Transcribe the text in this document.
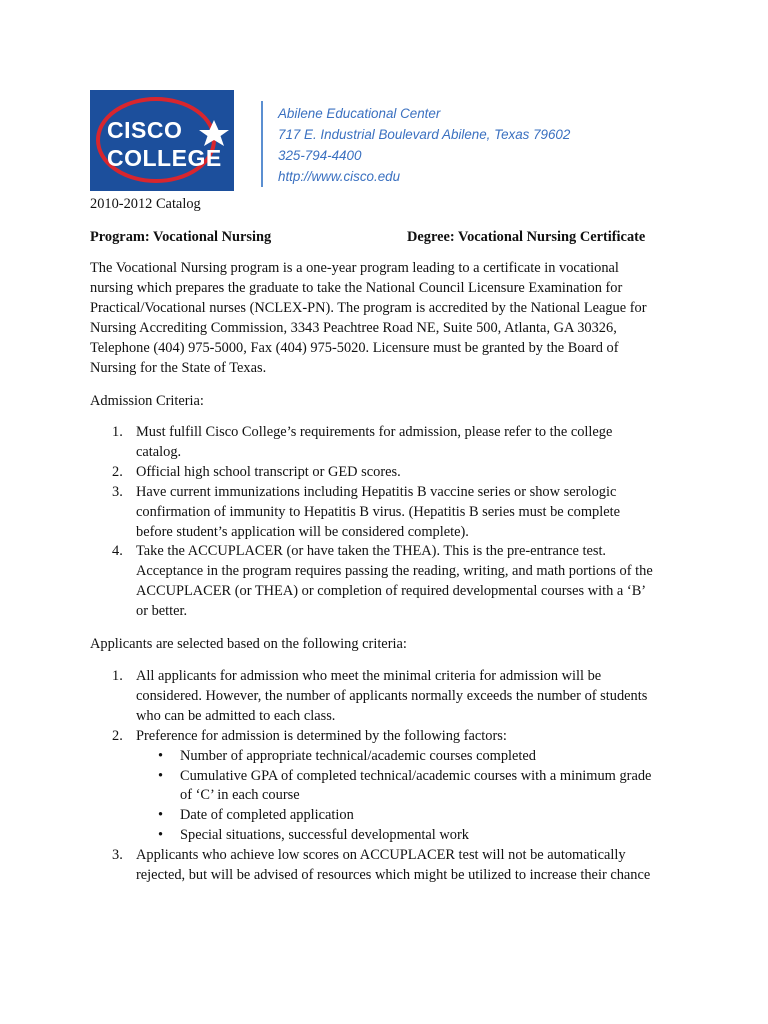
CISCO
COLLEGE
Abilene Educational Center
717 E. Industrial Boulevard Abilene, Texas 79602
325-794-4400
http://www.cisco.edu
2010-2012 Catalog
Program: Vocational Nursing	Degree: Vocational Nursing Certificate
The Vocational Nursing program is a one-year program leading to a certificate in vocational
nursing which prepares the graduate to take the National Council Licensure Examination for
Practical/Vocational nurses (NCLEX-PN). The program is accredited by the National League for
Nursing Accrediting Commission, 3343 Peachtree Road NE, Suite 500, Atlanta, GA 30326,
Telephone (404) 975-5000, Fax (404) 975-5020. Licensure must be granted by the Board of
Nursing for the State of Texas.
Admission Criteria:
1. Must fulfill Cisco College’s requirements for admission, please refer to the college
catalog.
2. Official high school transcript or GED scores.
3. Have current immunizations including Hepatitis B vaccine series or show serologic
confirmation of immunity to Hepatitis B virus. (Hepatitis B series must be complete
before student’s application will be considered complete).
4. Take the ACCUPLACER (or have taken the THEA). This is the pre-entrance test.
Acceptance in the program requires passing the reading, writing, and math portions of the
ACCUPLACER (or THEA) or completion of required developmental courses with a ‘B’
or better.
Applicants are selected based on the following criteria:
1. All applicants for admission who meet the minimal criteria for admission will be
considered. However, the number of applicants normally exceeds the number of students
who can be admitted to each class.
2. Preference for admission is determined by the following factors:
• Number of appropriate technical/academic courses completed
• Cumulative GPA of completed technical/academic courses with a minimum grade
of ‘C’ in each course
• Date of completed application
• Special situations, successful developmental work
3. Applicants who achieve low scores on ACCUPLACER test will not be automatically
rejected, but will be advised of resources which might be utilized to increase their chance
